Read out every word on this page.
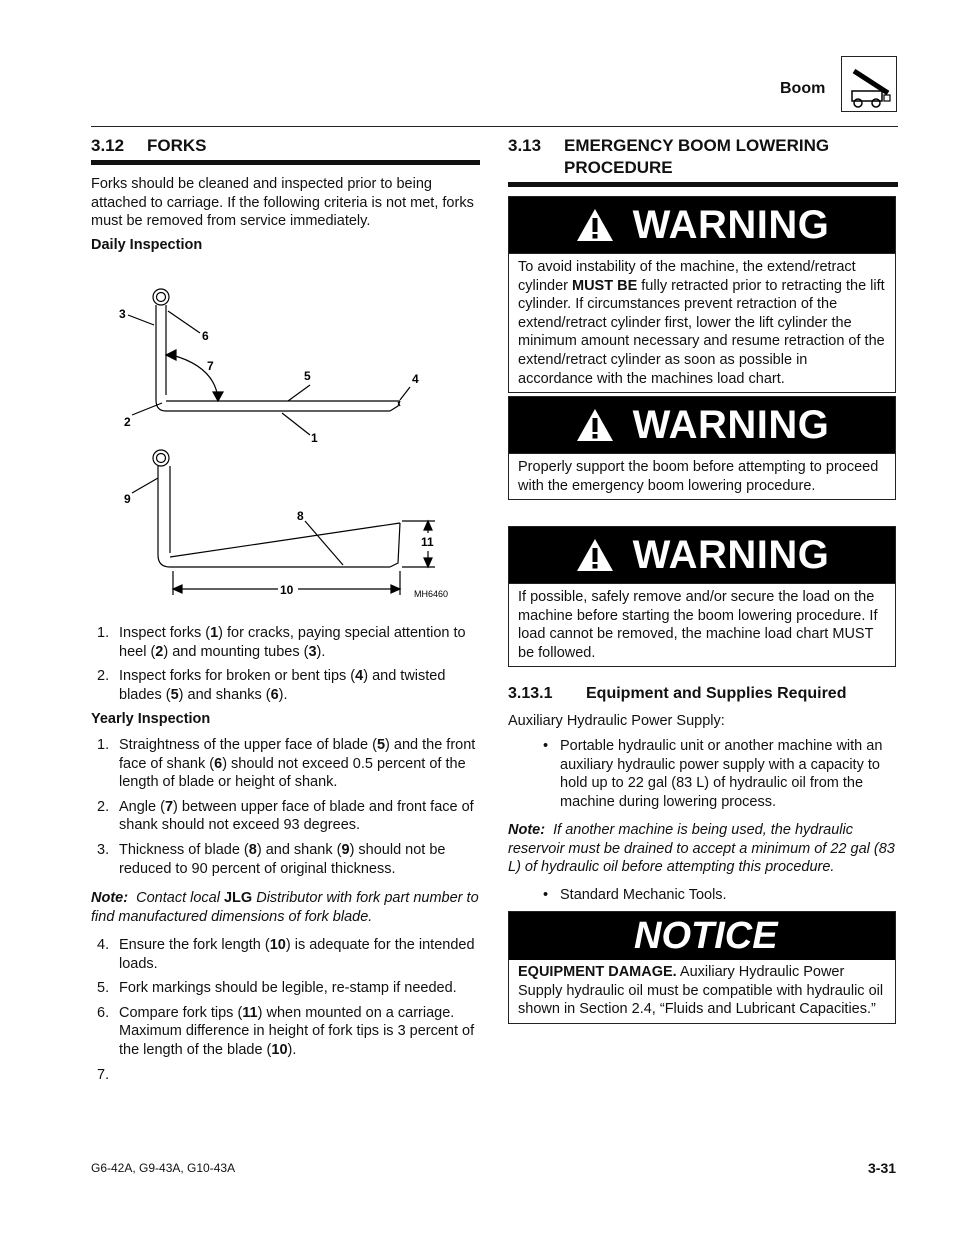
Boom
3.12 FORKS
Forks should be cleaned and inspected prior to being attached to carriage. If the following criteria is not met, forks must be removed from service immediately.
Daily Inspection
3
6
7
5	4
2
1
9
8
11
10	MH6460
1. Inspect forks (1) for cracks, paying special attention to heel (2) and mounting tubes (3).
2. Inspect forks for broken or bent tips (4) and twisted blades (5) and shanks (6).
Yearly Inspection
1. Straightness of the upper face of blade (5) and the front face of shank (6) should not exceed 0.5 percent of the length of blade or height of shank.
2. Angle (7) between upper face of blade and front face of shank should not exceed 93 degrees.
3. Thickness of blade (8) and shank (9) should not be reduced to 90 percent of original thickness.
Note: Contact local JLG Distributor with fork part number to find manufactured dimensions of fork blade.
4. Ensure the fork length (10) is adequate for the intended loads.
5. Fork markings should be legible, re-stamp if needed.
6. Compare fork tips (11) when mounted on a carriage. Maximum difference in height of fork tips is 3 percent of the length of the blade (10).
7.
3.13 EMERGENCY BOOM LOWERING
PROCEDURE
WARNING
To avoid instability of the machine, the extend/retract cylinder MUST BE fully retracted prior to retracting the lift cylinder. If circumstances prevent retraction of the extend/retract cylinder first, lower the lift cylinder the minimum amount necessary and resume retraction of the extend/retract cylinder as soon as possible in accordance with the machines load chart.
WARNING
Properly support the boom before attempting to proceed with the emergency boom lowering procedure.
WARNING
If possible, safely remove and/or secure the load on the machine before starting the boom lowering procedure. If load cannot be removed, the machine load chart MUST be followed.
3.13.1 Equipment and Supplies Required
Auxiliary Hydraulic Power Supply:
• Portable hydraulic unit or another machine with an auxiliary hydraulic power supply with a capacity to hold up to 22 gal (83 L) of hydraulic oil from the machine during lowering process.
Note: If another machine is being used, the hydraulic reservoir must be drained to accept a minimum of 22 gal (83 L) of hydraulic oil before attempting this procedure.
• Standard Mechanic Tools.
NOTICE
EQUIPMENT DAMAGE. Auxiliary Hydraulic Power Supply hydraulic oil must be compatible with hydraulic oil shown in Section 2.4, “Fluids and Lubricant Capacities.”
G6-42A, G9-43A, G10-43A	3-31
